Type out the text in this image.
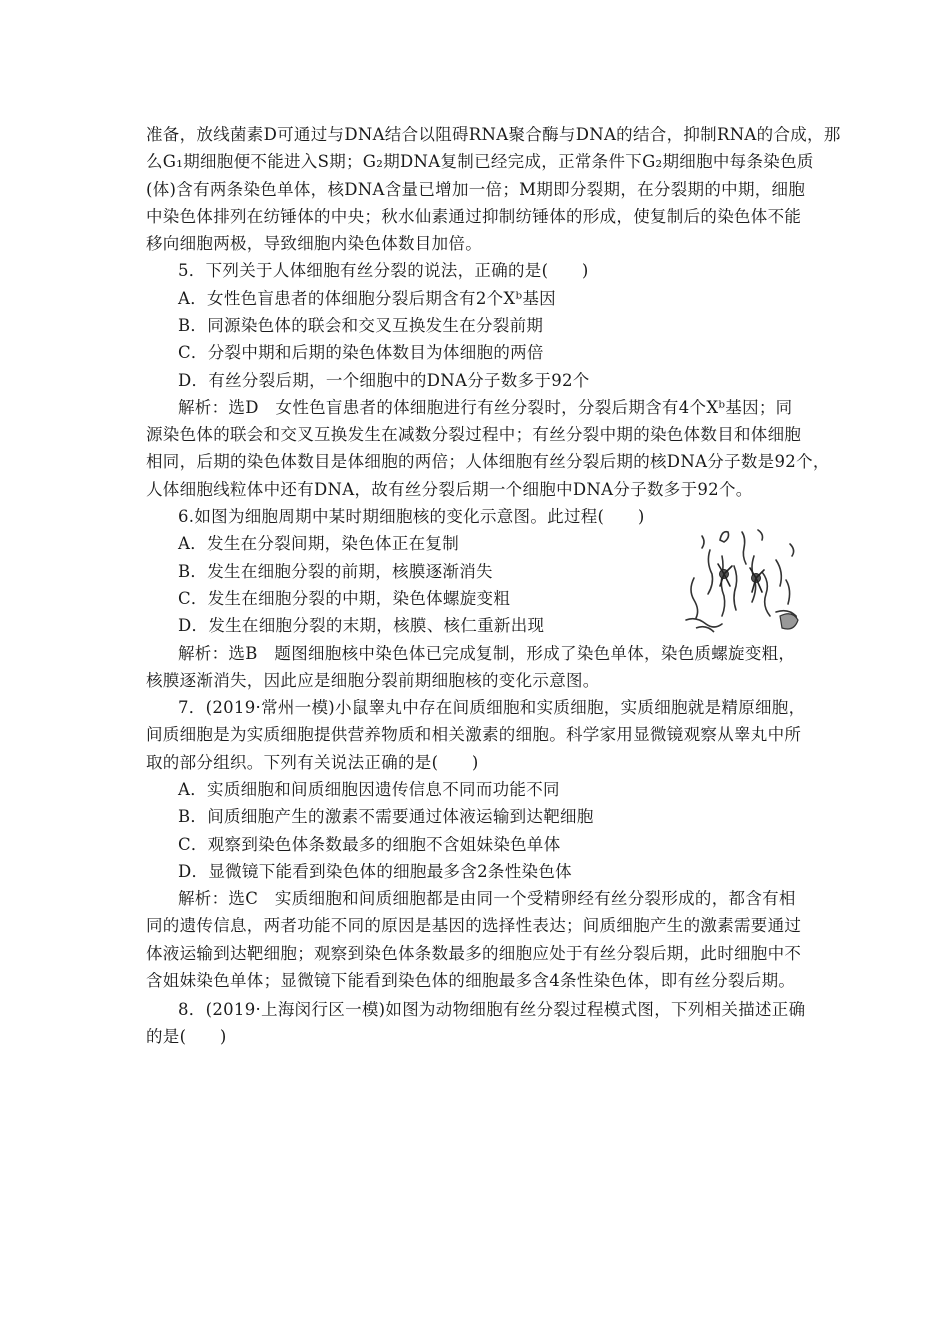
准备，放线菌素D可通过与DNA结合以阻碍RNA聚合酶与DNA的结合，抑制RNA的合成，那
么G₁期细胞便不能进入S期；G₂期DNA复制已经完成，正常条件下G₂期细胞中每条染色质
(体)含有两条染色单体，核DNA含量已增加一倍；M期即分裂期，在分裂期的中期，细胞
中染色体排列在纺锤体的中央；秋水仙素通过抑制纺锤体的形成，使复制后的染色体不能
移向细胞两极，导致细胞内染色体数目加倍。
5．下列关于人体细胞有丝分裂的说法，正确的是(　　)
A．女性色盲患者的体细胞分裂后期含有2个Xᵇ基因
B．同源染色体的联会和交叉互换发生在分裂前期
C．分裂中期和后期的染色体数目为体细胞的两倍
D．有丝分裂后期，一个细胞中的DNA分子数多于92个
解析：选D　女性色盲患者的体细胞进行有丝分裂时，分裂后期含有4个Xᵇ基因；同
源染色体的联会和交叉互换发生在减数分裂过程中；有丝分裂中期的染色体数目和体细胞
相同，后期的染色体数目是体细胞的两倍；人体细胞有丝分裂后期的核DNA分子数是92个，
人体细胞线粒体中还有DNA，故有丝分裂后期一个细胞中DNA分子数多于92个。
6.如图为细胞周期中某时期细胞核的变化示意图。此过程(　　)
A．发生在分裂间期，染色体正在复制
B．发生在细胞分裂的前期，核膜逐渐消失
C．发生在细胞分裂的中期，染色体螺旋变粗
D．发生在细胞分裂的末期，核膜、核仁重新出现
解析：选B　题图细胞核中染色体已完成复制，形成了染色单体，染色质螺旋变粗，
核膜逐渐消失，因此应是细胞分裂前期细胞核的变化示意图。
7．(2019·常州一模)小鼠睾丸中存在间质细胞和实质细胞，实质细胞就是精原细胞，
间质细胞是为实质细胞提供营养物质和相关激素的细胞。科学家用显微镜观察从睾丸中所
取的部分组织。下列有关说法正确的是(　　)
A．实质细胞和间质细胞因遗传信息不同而功能不同
B．间质细胞产生的激素不需要通过体液运输到达靶细胞
C．观察到染色体条数最多的细胞不含姐妹染色单体
D．显微镜下能看到染色体的细胞最多含2条性染色体
解析：选C　实质细胞和间质细胞都是由同一个受精卵经有丝分裂形成的，都含有相
同的遗传信息，两者功能不同的原因是基因的选择性表达；间质细胞产生的激素需要通过
体液运输到达靶细胞；观察到染色体条数最多的细胞应处于有丝分裂后期，此时细胞中不
含姐妹染色单体；显微镜下能看到染色体的细胞最多含4条性染色体，即有丝分裂后期。
8．(2019·上海闵行区一模)如图为动物细胞有丝分裂过程模式图，下列相关描述正确
的是(　　)
